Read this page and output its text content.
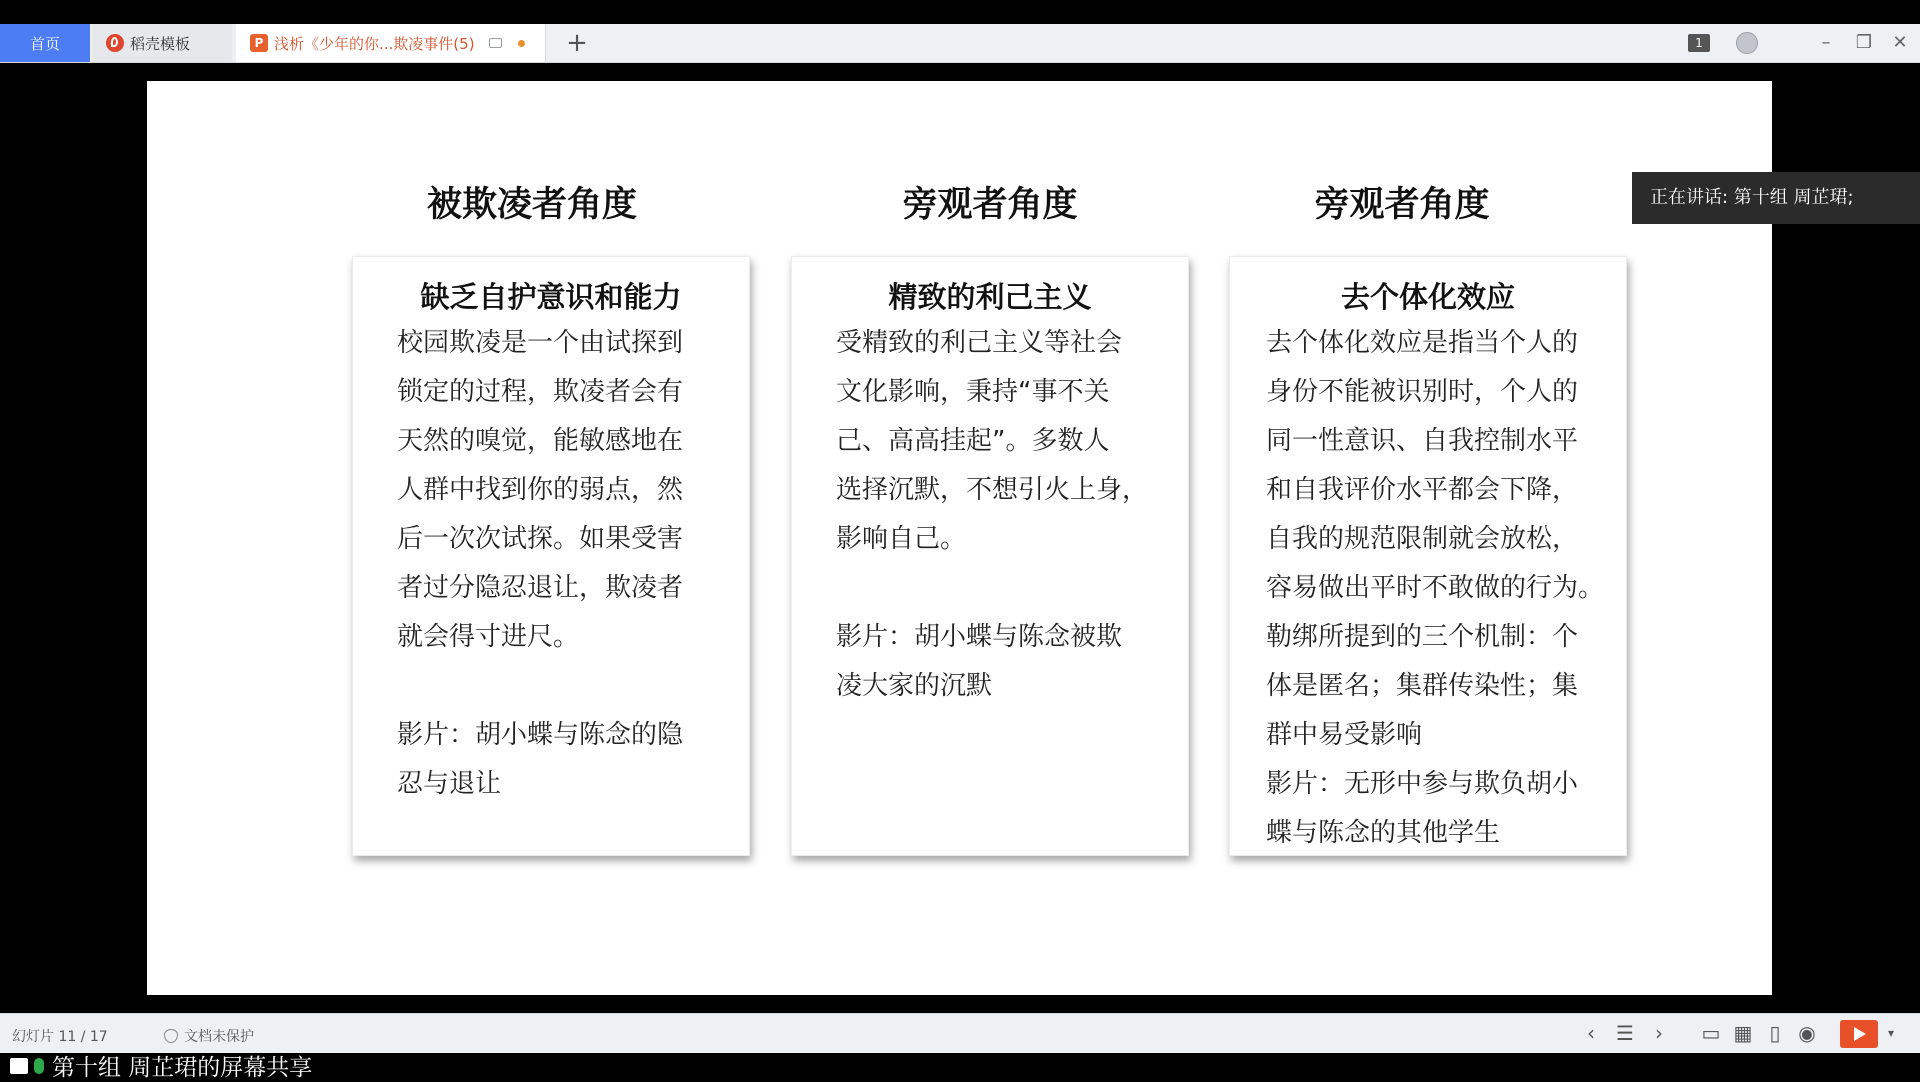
首页	稻壳模板	P 浅析《少年的你...欺凌事件(5)	+	1	–	❐	✕
被欺凌者角度	旁观者角度	旁观者角度
缺乏自护意识和能力
校园欺凌是一个由试探到
锁定的过程，欺凌者会有
天然的嗅觉，能敏感地在
人群中找到你的弱点，然
后一次次试探。如果受害
者过分隐忍退让，欺凌者
就会得寸进尺。

影片：胡小蝶与陈念的隐
忍与退让
精致的利己主义
受精致的利己主义等社会
文化影响，秉持“事不关
己、高高挂起”。多数人
选择沉默，不想引火上身，
影响自己。

影片：胡小蝶与陈念被欺
凌大家的沉默
去个体化效应
去个体化效应是指当个人的
身份不能被识别时，个人的
同一性意识、自我控制水平
和自我评价水平都会下降，
自我的规范限制就会放松，
容易做出平时不敢做的行为。
勒绑所提到的三个机制：个
体是匿名；集群传染性；集
群中易受影响
影片：无形中参与欺负胡小
蝶与陈念的其他学生
正在讲话: 第十组 周芷珺;
幻灯片 11 / 17	文档未保护	‹	☰	›	▭ ▦ ▯ ◉	▾
第十组 周芷珺的屏幕共享
